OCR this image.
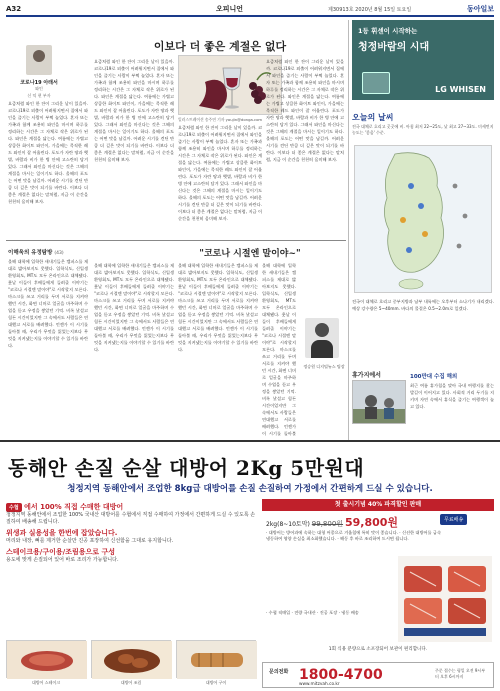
A32	오피니언	제30913호 2020년 8월 15일 토요일	동아일보
이보다 더 좋은 계절은 없다
코로나19 아래서
와인
신 익 현 부자
일러스트레이션 송주연 기자 youjin@donga.com
요즘처럼 와인 한 잔이 그리운 날이 있을까. 코로나19로 외출이 어려워지면서 집에서 와인을 즐기는 사람이 부쩍 늘었다. 혼자 또는 가족과 함께 조용히 와인을 마시며 하루를 정리하는 시간은 그 자체로 작은 위로가 된다. 와인은 계절을 닮는다. 여름에는 가볍고 상큼한 화이트 와인이, 가을에는 묵직한 레드 와인이 잘 어울린다. 포도가 자란 땅과 햇볕, 바람과 비가 한 병 안에 고스란히 담겨 있다. 그래서 와인을 마신다는 것은 그해의 계절을 마시는 일이기도 하다. 올해의 포도는 어떤 맛을 남길까. 어려운 시기를 견딘 만큼 더 깊은 맛이 되기를 바란다. 이보다 더 좋은 계절은 없다는 말처럼, 지금 이 순간을 천천히 음미해 보자.
요즘처럼 와인 한 잔이 그리운 날이 있을까. 코로나19로 외출이 어려워지면서 집에서 와인을 즐기는 사람이 부쩍 늘었다. 혼자 또는 가족과 함께 조용히 와인을 마시며 하루를 정리하는 시간은 그 자체로 작은 위로가 된다. 와인은 계절을 닮는다. 여름에는 가볍고 상큼한 화이트 와인이, 가을에는 묵직한 레드 와인이 잘 어울린다. 포도가 자란 땅과 햇볕, 바람과 비가 한 병 안에 고스란히 담겨 있다. 그래서 와인을 마신다는 것은 그해의 계절을 마시는 일이기도 하다. 올해의 포도는 어떤 맛을 남길까. 어려운 시기를 견딘 만큼 더 깊은 맛이 되기를 바란다. 이보다 더 좋은 계절은 없다는 말처럼, 지금 이 순간을 천천히 음미해 보자.
요즘처럼 와인 한 잔이 그리운 날이 있을까. 코로나19로 외출이 어려워지면서 집에서 와인을 즐기는 사람이 부쩍 늘었다. 혼자 또는 가족과 함께 조용히 와인을 마시며 하루를 정리하는 시간은 그 자체로 작은 위로가 된다. 와인은 계절을 닮는다. 여름에는 가볍고 상큼한 화이트 와인이, 가을에는 묵직한 레드 와인이 잘 어울린다. 포도가 자란 땅과 햇볕, 바람과 비가 한 병 안에 고스란히 담겨 있다. 그래서 와인을 마신다는 것은 그해의 계절을 마시는 일이기도 하다. 올해의 포도는 어떤 맛을 남길까. 어려운 시기를 견딘 만큼 더 깊은 맛이 되기를 바란다. 이보다 더 좋은 계절은 없다는 말처럼, 지금 이 순간을 천천히 음미해 보자.
요즘처럼 와인 한 잔이 그리운 날이 있을까. 코로나19로 외출이 어려워지면서 집에서 와인을 즐기는 사람이 부쩍 늘었다. 혼자 또는 가족과 함께 조용히 와인을 마시며 하루를 정리하는 시간은 그 자체로 작은 위로가 된다. 와인은 계절을 닮는다. 여름에는 가볍고 상큼한 화이트 와인이, 가을에는 묵직한 레드 와인이 잘 어울린다. 포도가 자란 땅과 햇볕, 바람과 비가 한 병 안에 고스란히 담겨 있다. 그래서 와인을 마신다는 것은 그해의 계절을 마시는 일이기도 하다. 올해의 포도는 어떤 맛을 남길까. 어려운 시기를 견딘 만큼 더 깊은 맛이 되기를 바란다. 이보다 더 좋은 계절은 없다는 말처럼, 지금 이 순간을 천천히 음미해 보자.
이해욱의 유정탐방 (43)	"코로나 시절엔 말이야~"
올해 대학에 입학한 새내기들은 캠퍼스를 제대로 밟아보지도 못했다. 입학식도, 신입생 환영회도, MT도 모두 온라인으로 대체됐다. 훗날 이들이 후배들에게 들려줄 이야기는 "코로나 시절엔 말이야"로 시작할지 모른다. 마스크를 쓰고 거리를 두며 서로를 지켜야 했던 시간, 화면 너머로 얼굴을 마주하며 수업을 듣고 우정을 쌓았던 기억. 비록 낯설고 힘든 시간이었지만 그 속에서도 사람들은 연대했고 서로를 배려했다. 언젠가 이 시기를 돌아볼 때, 우리가 무엇을 잃었는지보다 무엇을 지켜냈는지를 이야기할 수 있기를 바란다.
올해 대학에 입학한 새내기들은 캠퍼스를 제대로 밟아보지도 못했다. 입학식도, 신입생 환영회도, MT도 모두 온라인으로 대체됐다. 훗날 이들이 후배들에게 들려줄 이야기는 "코로나 시절엔 말이야"로 시작할지 모른다. 마스크를 쓰고 거리를 두며 서로를 지켜야 했던 시간, 화면 너머로 얼굴을 마주하며 수업을 듣고 우정을 쌓았던 기억. 비록 낯설고 힘든 시간이었지만 그 속에서도 사람들은 연대했고 서로를 배려했다. 언젠가 이 시기를 돌아볼 때, 우리가 무엇을 잃었는지보다 무엇을 지켜냈는지를 이야기할 수 있기를 바란다.
올해 대학에 입학한 새내기들은 캠퍼스를 제대로 밟아보지도 못했다. 입학식도, 신입생 환영회도, MT도 모두 온라인으로 대체됐다. 훗날 이들이 후배들에게 들려줄 이야기는 "코로나 시절엔 말이야"로 시작할지 모른다. 마스크를 쓰고 거리를 두며 서로를 지켜야 했던 시간, 화면 너머로 얼굴을 마주하며 수업을 듣고 우정을 쌓았던 기억. 비록 낯설고 힘든 시간이었지만 그 속에서도 사람들은 연대했고 서로를 배려했다. 언젠가 이 시기를 돌아볼 때, 우리가 무엇을 잃었는지보다 무엇을 지켜냈는지를 이야기할 수 있기를 바란다.
올해 대학에 입학한 새내기들은 캠퍼스를 제대로 밟아보지도 못했다. 입학식도, 신입생 환영회도, MT도 모두 온라인으로 대체됐다. 훗날 이들이 후배들에게 들려줄 이야기는 "코로나 시절엔 말이야"로 시작할지 모른다. 마스크를 쓰고 거리를 두며 서로를 지켜야 했던 시간, 화면 너머로 얼굴을 마주하며 수업을 듣고 우정을 쌓았던 기억. 비록 낯설고 힘든 시간이었지만 그 속에서도 사람들은 연대했고 서로를 배려했다. 언젠가 이 시기를 돌아볼
정승원 디지털뉴스 팀장
1등 휘센이 시작하는
청정바람의 시대
LG WHISEN
오늘의 날씨
전국 대체로 흐리고 곳곳에 비. 아침 최저 22~25도, 낮 최고 27~33도. 미세먼지 농도는 '좋음' 수준.
전국이 대체로 흐리고 중부지방과 남부 내륙에는 오후부터 소나기가 내리겠다. 예상 강수량은 5~40mm. 바다의 물결은 0.5~2.0m로 일겠다.
휴가지에서	100만대 수집 해외
최근 여름 휴가철을 맞아 국내 여행지를 찾는 발길이 이어지고 있다. 사회적 거리 두기를 지키며 자연 속에서 휴식을 즐기는 여행객이 늘고 있다.
동해안 손질 순살 대방어 2Kg 5만원대
청정지역 동해안에서 조업한 8kg급 대방어를 손질 손질하여 가정에서 간편하게 드실 수 있습니다.
수협 에서 100% 직접 수매한 대방어
청정지역 동해안에서 조업한 100% 국내산 대방어를 수협에서 직접 수매하여 가정에서 간편하게 드실 수 있도록 손질하여 배송해 드립니다.
위생과 실용성을 한번에 잡았습니다.
머리와 내장, 뼈를 제거한 순살만 진공 포장하여 신선함을 그대로 유지합니다.
스테이크용/구이용/조림용으로 구성
용도에 맞게 손질되어 있어 바로 조리가 가능합니다.
대방어 스테이크	대방어 조림	대방어 구이
첫 출시기념 40% 파격할인 판매
2kg(8~10토막) 99,800원 59,800원	무료배송
· 대방어는 방어과에 속하는 대형 어종으로 겨울철에 특히 맛이 좋습니다. · 신선한 대방어를 급속 냉동하여 영양 손실을 최소화했습니다. · 해동 후 바로 조리하여 드시면 됩니다.
· 수협 직매입 · 전량 국내산 · 진공 포장 · 냉동 배송
1회 식용 분량으로 소포장되어 보관이 편리합니다.
문의전화 1800-4700
www.mitzvah.co.kr
주문 접수는 평일 오전 9시부터 오후 6시까지
